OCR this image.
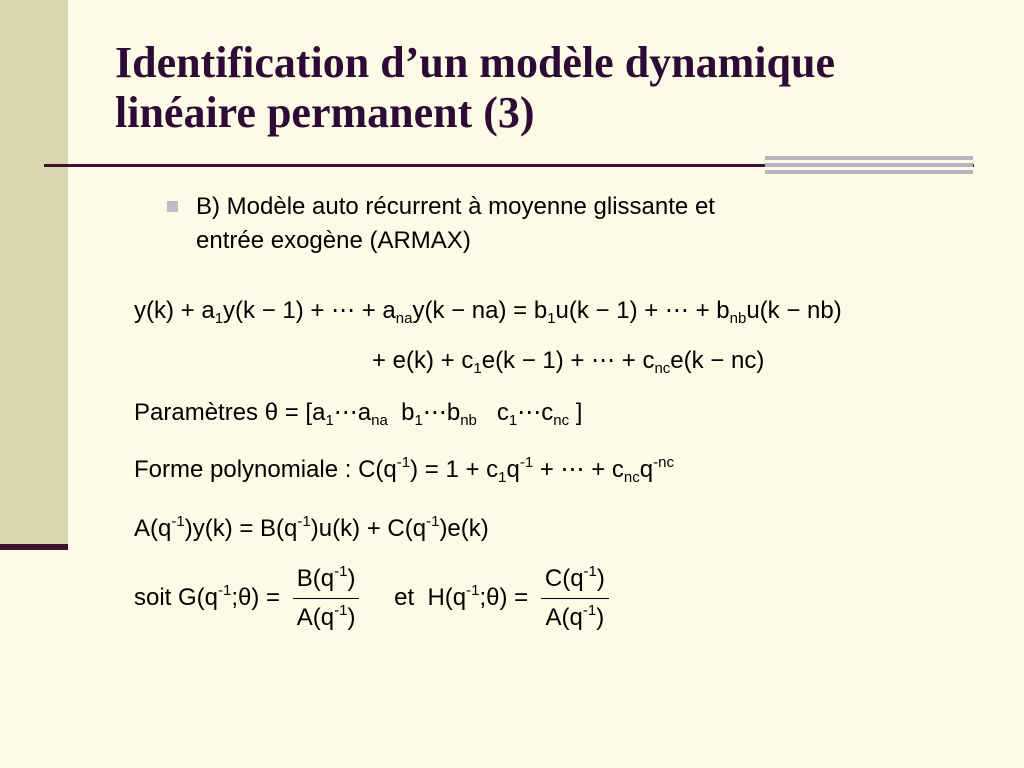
Identification d’un modèle dynamique
linéaire permanent (3)
B) Modèle auto récurrent à moyenne glissante et
entrée exogène (ARMAX)
$y(k) + a_1y(k - 1)$ + ⋯ + $a_{na}y(k - na) = b_1u(k - 1)$ + ⋯ + $b_{nb}u(k - nb)$
+ $e(k) + c_1e(k - 1)$ + ⋯ + $c_{nc}e(k - nc)$
Paramètres $\theta = [a_1\cdots a_{na}$  $b_1\cdots b_{nb}$   $c_1\cdots c_{nc}$ ]
Forme polynomiale : $C(q^{-1}) = 1 + c_1q^{-1}$ + ⋯ + $c_{nc}q^{-nc}$
$A(q^{-1})y(k) = B(q^{-1})u(k) + C(q^{-1})e(k)$
soit $G(q^{-1};\theta) = \frac{B(q^{-1})}{A(q^{-1})}$ et  $H(q^{-1};\theta) = \frac{C(q^{-1})}{A(q^{-1})}$
